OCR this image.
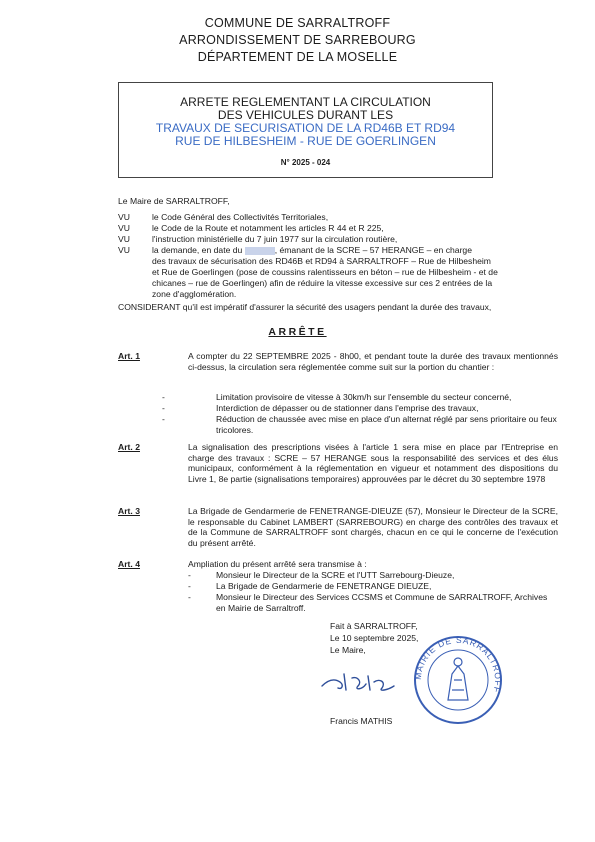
COMMUNE DE SARRALTROFF
ARRONDISSEMENT DE SARREBOURG
DÉPARTEMENT DE LA MOSELLE
ARRETE REGLEMENTANT LA CIRCULATION
DES VEHICULES DURANT LES
TRAVAUX DE SECURISATION DE LA RD46B ET RD94
RUE DE HILBESHEIM - RUE DE GOERLINGEN
N° 2025 - 024
Le Maire de SARRALTROFF,
VU	le Code Général des Collectivités Territoriales,
VU	le Code de la Route et notamment les articles R 44 et R 225,
VU	l'instruction ministérielle du 7 juin 1977 sur la circulation routière,
VU	la demande, en date du	, émanant de la SCRE – 57 HERANGE – en charge
des travaux de sécurisation des RD46B et RD94 à SARRALTROFF – Rue de Hilbesheim
et Rue de Goerlingen (pose de coussins ralentisseurs en béton – rue de Hilbesheim - et de
chicanes – rue de Goerlingen) afin de réduire la vitesse excessive sur ces 2 entrées de la
zone d'agglomération.
CONSIDERANT qu'il est impératif d'assurer la sécurité des usagers pendant la durée des travaux,
ARRÊTE
Art. 1	A compter du 22 SEPTEMBRE 2025 - 8h00, et pendant toute la durée des travaux mentionnés ci-dessus, la circulation sera réglementée comme suit sur la portion du chantier :
-	Limitation provisoire de vitesse à 30km/h sur l'ensemble du secteur concerné,
-	Interdiction de dépasser ou de stationner dans l'emprise des travaux,
-	Réduction de chaussée avec mise en place d'un alternat réglé par sens prioritaire ou feux tricolores.
Art. 2	La signalisation des prescriptions visées à l'article 1 sera mise en place par l'Entreprise en charge des travaux : SCRE – 57 HERANGE sous la responsabilité des services et des élus municipaux, conformément à la réglementation en vigueur et notamment des dispositions du Livre 1, 8e partie (signalisations temporaires) approuvées par le décret du 30 septembre 1978
Art. 3	La Brigade de Gendarmerie de FENETRANGE-DIEUZE (57), Monsieur le Directeur de la SCRE, le responsable du Cabinet LAMBERT (SARREBOURG) en charge des contrôles des travaux et de la Commune de SARRALTROFF sont chargés, chacun en ce qui le concerne de l'exécution du présent arrêté.
Art. 4	Ampliation du présent arrêté sera transmise à :
-	Monsieur le Directeur de la SCRE et l'UTT Sarrebourg-Dieuze,
-	La Brigade de Gendarmerie de FENETRANGE DIEUZE,
-	Monsieur le Directeur des Services CCSMS et Commune de SARRALTROFF, Archives en Mairie de Sarraltroff.
Fait à SARRALTROFF,
Le 10 septembre 2025,
Le Maire,
MAIRIE DE SARRALTROFF
Francis MATHIS
